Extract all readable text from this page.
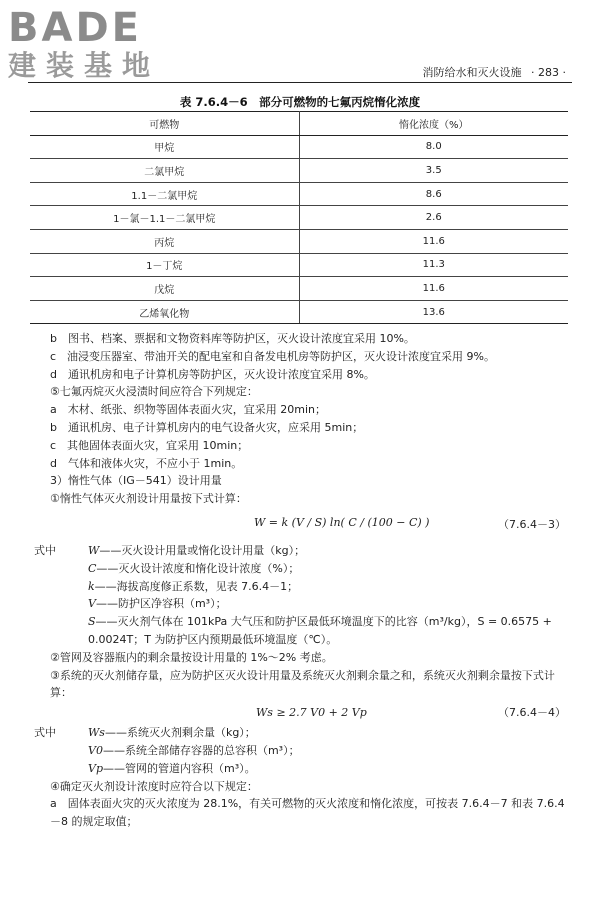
BADE
建装基地	消防给水和灭火设施 · 283 ·
表 7.6.4－6　部分可燃物的七氟丙烷惰化浓度
可燃物	惰化浓度（%）
甲烷	8.0
二氯甲烷	3.5
1.1－二氯甲烷	8.6
1－氯－1.1－二氯甲烷	2.6
丙烷	11.6
1－丁烷	11.3
戊烷	11.6
乙烯氧化物	13.6
b　图书、档案、票据和文物资料库等防护区，灭火设计浓度宜采用 10%。
c　油浸变压器室、带油开关的配电室和自备发电机房等防护区，灭火设计浓度宜采用 9%。
d　通讯机房和电子计算机房等防护区，灭火设计浓度宜采用 8%。
⑤七氟丙烷灭火浸渍时间应符合下列规定：
a　木材、纸张、织物等固体表面火灾，宜采用 20min；
b　通讯机房、电子计算机房内的电气设备火灾，应采用 5min；
c　其他固体表面火灾，宜采用 10min；
d　气体和液体火灾，不应小于 1min。
3）惰性气体（IG－541）设计用量
①惰性气体灭火剂设计用量按下式计算：
W = k (V / S) ln( C / (100 − C) )	（7.6.4－3）
式中	W——灭火设计用量或惰化设计用量（kg）；
C——灭火设计浓度和惰化设计浓度（%）；
k——海拔高度修正系数，见表 7.6.4－1；
V——防护区净容积（m³）；
S——灭火剂气体在 101kPa 大气压和防护区最低环境温度下的比容（m³/kg），S = 0.6575 + 0.0024T；T 为防护区内预期最低环境温度（℃）。
②管网及容器瓶内的剩余量按设计用量的 1%～2% 考虑。
③系统的灭火剂储存量，应为防护区灭火设计用量及系统灭火剂剩余量之和，系统灭火剂剩余量按下式计算：
Ws ≥ 2.7 V0 + 2 Vp	（7.6.4－4）
式中	Ws——系统灭火剂剩余量（kg）；
V0——系统全部储存容器的总容积（m³）；
Vp——管网的管道内容积（m³）。
④确定灭火剂设计浓度时应符合以下规定：
a　固体表面火灾的灭火浓度为 28.1%，有关可燃物的灭火浓度和惰化浓度，可按表 7.6.4－7 和表 7.6.4－8 的规定取值；
